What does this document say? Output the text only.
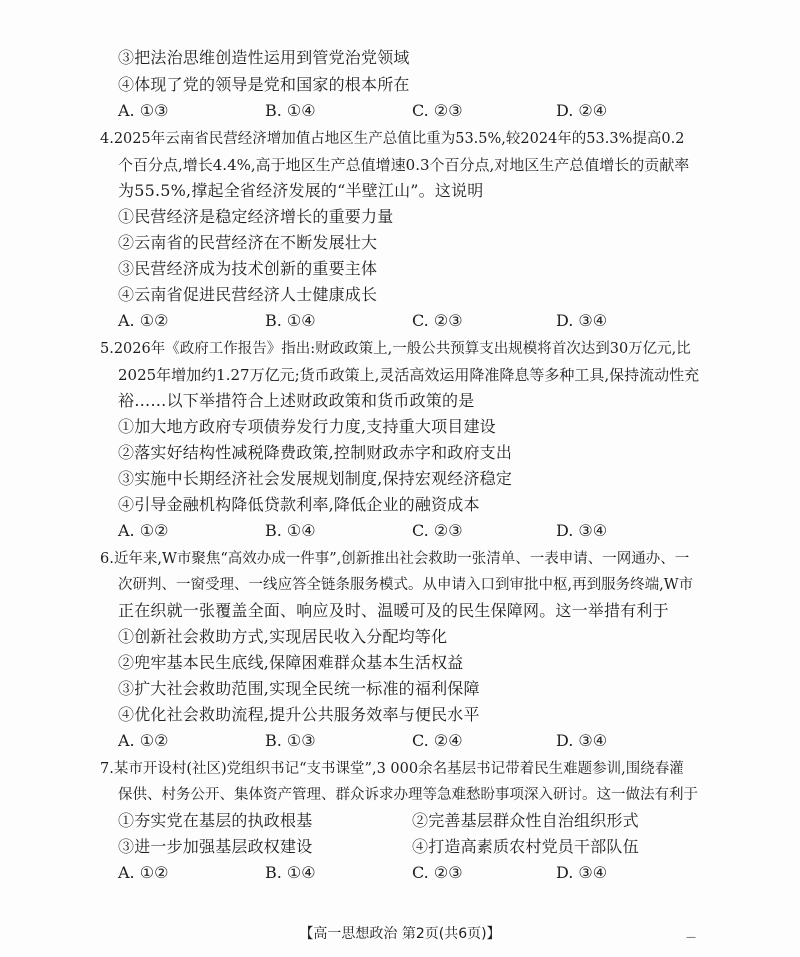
③把法治思维创造性运用到管党治党领域
④体现了党的领导是党和国家的根本所在
A. ①③	B. ①④	C. ②③	D. ②④
4.2025年云南省民营经济增加值占地区生产总值比重为53.5%,较2024年的53.3%提高0.2
个百分点,增长4.4%,高于地区生产总值增速0.3个百分点,对地区生产总值增长的贡献率
为55.5%,撑起全省经济发展的“半壁江山”。这说明
①民营经济是稳定经济增长的重要力量
②云南省的民营经济在不断发展壮大
③民营经济成为技术创新的重要主体
④云南省促进民营经济人士健康成长
A. ①②	B. ①④	C. ②③	D. ③④
5.2026年《政府工作报告》指出:财政政策上,一般公共预算支出规模将首次达到30万亿元,比
2025年增加约1.27万亿元;货币政策上,灵活高效运用降准降息等多种工具,保持流动性充
裕……以下举措符合上述财政政策和货币政策的是
①加大地方政府专项债券发行力度,支持重大项目建设
②落实好结构性减税降费政策,控制财政赤字和政府支出
③实施中长期经济社会发展规划制度,保持宏观经济稳定
④引导金融机构降低贷款利率,降低企业的融资成本
A. ①②	B. ①④	C. ②③	D. ③④
6.近年来,W市聚焦“高效办成一件事”,创新推出社会救助一张清单、一表申请、一网通办、一
次研判、一窗受理、一线应答全链条服务模式。从申请入口到审批中枢,再到服务终端,W市
正在织就一张覆盖全面、响应及时、温暖可及的民生保障网。这一举措有利于
①创新社会救助方式,实现居民收入分配均等化
②兜牢基本民生底线,保障困难群众基本生活权益
③扩大社会救助范围,实现全民统一标准的福利保障
④优化社会救助流程,提升公共服务效率与便民水平
A. ①②	B. ①③	C. ②④	D. ③④
7.某市开设村(社区)党组织书记“支书课堂”,3 000余名基层书记带着民生难题参训,围绕春灌
保供、村务公开、集体资产管理、群众诉求办理等急难愁盼事项深入研讨。这一做法有利于
①夯实党在基层的执政根基	②完善基层群众性自治组织形式
③进一步加强基层政权建设	④打造高素质农村党员干部队伍
A. ①②	B. ①④	C. ②③	D. ③④
【高一思想政治 第2页(共6页)】	—
